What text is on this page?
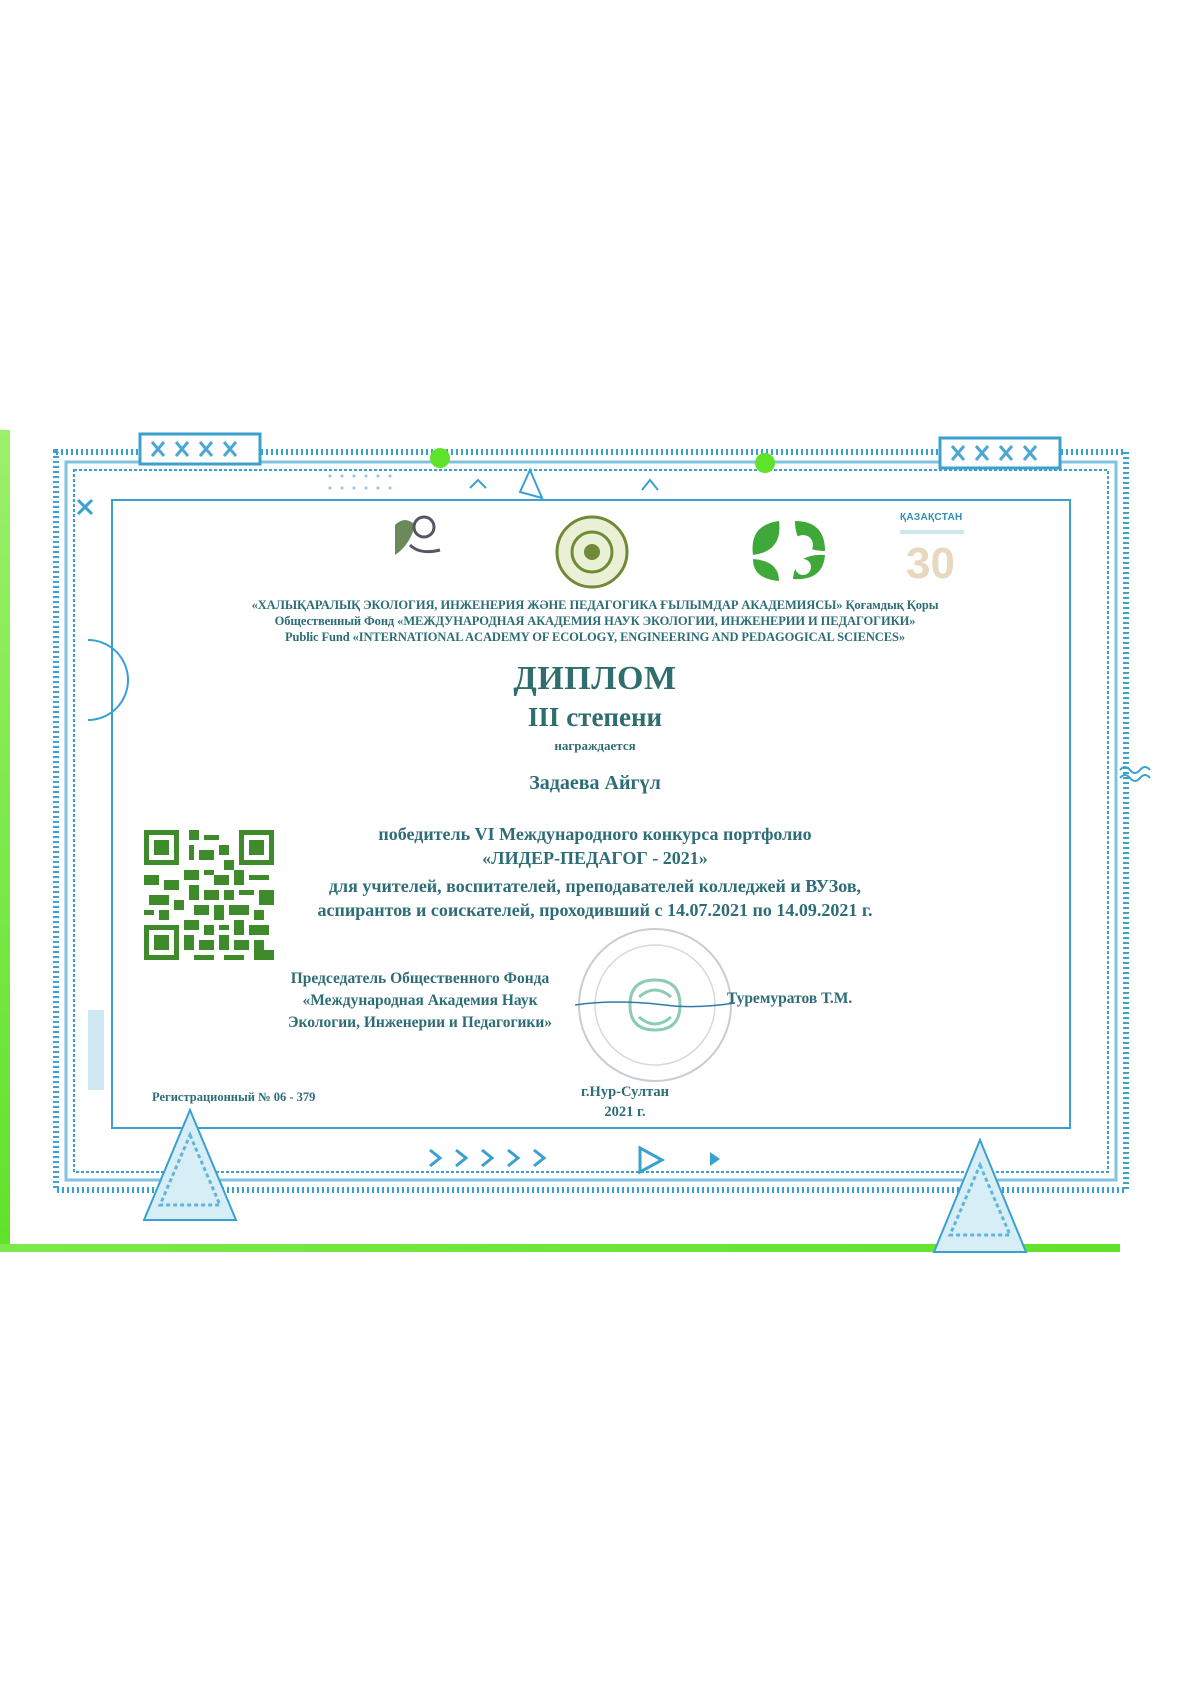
ҚАЗАҚСТАН
30
«ХАЛЫҚАРАЛЫҚ ЭКОЛОГИЯ, ИНЖЕНЕРИЯ ЖӘНЕ ПЕДАГОГИКА ҒЫЛЫМДАР АКАДЕМИЯСЫ» Қоғамдық Қоры
Общественный Фонд «МЕЖДУНАРОДНАЯ АКАДЕМИЯ НАУК ЭКОЛОГИИ, ИНЖЕНЕРИИ И ПЕДАГОГИКИ»
Public Fund «INTERNATIONAL ACADEMY OF ECOLOGY, ENGINEERING AND PEDAGOGICAL SCIENCES»
ДИПЛОМ
III степени
награждается
Задаева Айгүл
победитель VI Международного конкурса портфолио
«ЛИДЕР-ПЕДАГОГ - 2021»
для учителей, воспитателей, преподавателей колледжей и ВУЗов,
аспирантов и соискателей, проходивший с 14.07.2021 по 14.09.2021 г.
Председатель Общественного Фонда
«Международная Академия Наук
Экологии, Инженерии и Педагогики»
Туремуратов Т.М.
Регистрационный № 06 - 379	г.Нур-Султан
2021 г.
